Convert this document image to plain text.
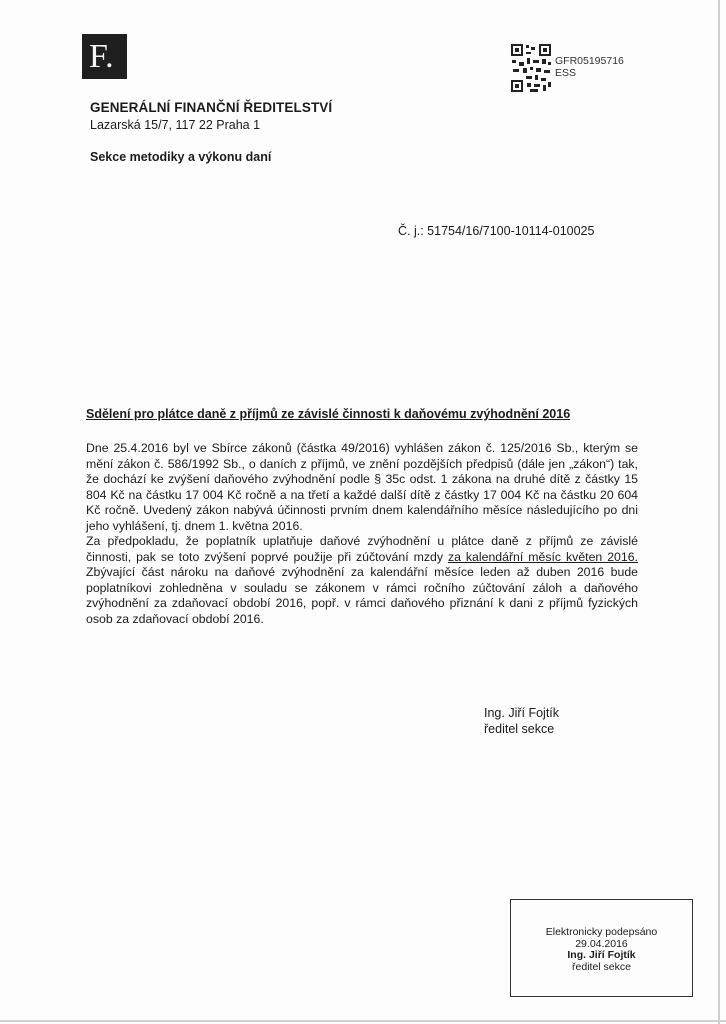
F.	GFR05195716
ESS
GENERÁLNÍ FINANČNÍ ŘEDITELSTVÍ
Lazarská 15/7, 117 22 Praha 1
Sekce metodiky a výkonu daní
Č. j.: 51754/16/7100-10114-010025
Sdělení pro plátce daně z příjmů ze závislé činnosti k daňovému zvýhodnění 2016

Dne 25.4.2016 byl ve Sbírce zákonů (částka 49/2016) vyhlášen zákon č. 125/2016 Sb., kterým se mění zákon č. 586/1992 Sb., o daních z příjmů, ve znění pozdějších předpisů (dále jen „zákon“) tak, že dochází ke zvýšení daňového zvýhodnění podle § 35c odst. 1 zákona na druhé dítě z částky 15 804 Kč na částku 17 004 Kč ročně a na třetí a každé další dítě z částky 17 004 Kč na částku 20 604 Kč ročně. Uvedený zákon nabývá účinnosti prvním dnem kalendářního měsíce následujícího po dni jeho vyhlášení, tj. dnem 1. května 2016.

Za předpokladu, že poplatník uplatňuje daňové zvýhodnění u plátce daně z příjmů ze závislé činnosti, pak se toto zvýšení poprvé použije při zúčtování mzdy za kalendářní měsíc květen 2016. Zbývající část nároku na daňové zvýhodnění za kalendářní měsíce leden až duben 2016 bude poplatníkovi zohledněna v souladu se zákonem v rámci ročního zúčtování záloh a daňového zvýhodnění za zdaňovací období 2016, popř. v rámci daňového přiznání k dani z příjmů fyzických osob za zdaňovací období 2016.

Ing. Jiří Fojtík
ředitel sekce
Elektronicky podepsáno
29.04.2016
Ing. Jiří Fojtík
ředitel sekce
